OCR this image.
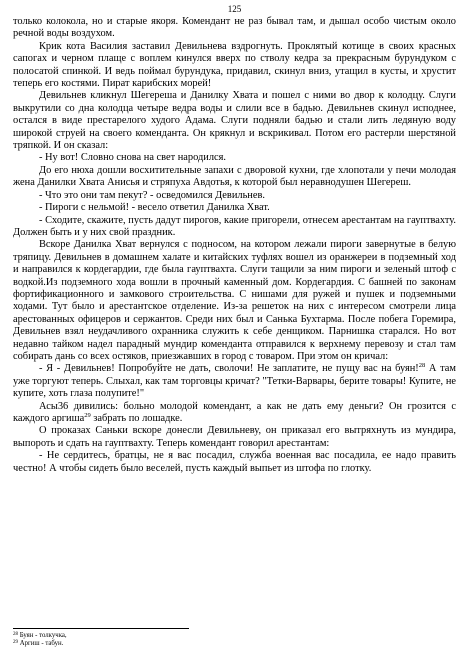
125

только колокола, но и старые якоря. Комендант не раз бывал там, и дышал особо чистым около речной воды воздухом.

Крик кота Василия заставил Девильнева вздрогнуть. Проклятый котище в своих красных сапогах и черном плаще с воплем кинулся вверх по стволу кедра за прекрасным бурундуком с полосатой спинкой. И ведь поймал бурундука, придавил, скинул вниз, утащил в кусты, и хрустит теперь его костями. Пират карибских морей!

Девильнев кликнул Шегереша и Данилку Хвата и пошел с ними во двор к колодцу. Слуги выкрутили со дна колодца четыре ведра воды и слили все в бадью. Девильнев скинул исподнее, остался в виде престарелого худого Адама. Слуги подняли бадью и стали лить ледяную воду широкой струей на своего коменданта. Он крякнул и вскрикивал. Потом его растерли шерстяной тряпкой. И он сказал:

- Ну вот! Словно снова на свет народился.

До его нюха дошли восхитительные запахи с дворовой кухни, где хлопотали у печи молодая жена Данилки Хвата Анисья и стряпуха Авдотья, к которой был неравнодушен Шегереш.

- Что это они там пекут? - осведомился Девильнев.

- Пироги с нельмой! - весело ответил Данилка Хват.

- Сходите, скажите, пусть дадут пирогов, какие пригорели, отнесем арестантам на гауптвахту. Должен быть и у них свой праздник.

Вскоре Данилка Хват вернулся с подносом, на котором лежали пироги завернутые в белую тряпицу. Девильнев в домашнем халате и китайских туфлях вошел из оранжереи в подземный ход и направился к кордегардии, где была гауптвахта. Слуги тащили за ним пироги и зеленый штоф с водкой.Из подземного хода вошли в прочный каменный дом. Кордегардия. С башней по законам фортификационного и замкового строительства. С нишами для ружей и пушек и подземными ходами. Тут было и арестантское отделение. Из-за решеток на них с интересом смотрели лица арестованных офицеров и сержантов. Среди них был и Санька Бухтарма. После побега Горемира, Девильнев взял неудачливого охранника служить к себе денщиком. Парнишка старался. Но вот недавно тайком надел парадный мундир коменданта отправился к верхнему перевозу и стал там собирать дань со всех остяков, приезжавших в город с товаром. При этом он кричал:

- Я - Девильнев! Попробуйте не дать, сволочи! Не заплатите, не пущу вас на буян!$^{28}$ А там уже торгуют теперь. Слыхал, как там торговцы кричат? "Тетки-Варвары, берите товары! Купите, не купите, хоть глаза полупите!"

Асы36 дивились: больно молодой комендант, а как не дать ему деньги? Он грозится с каждого аргиша$^{29}$ забрать по лошадке.

О проказах Саньки вскоре донесли Девильневу, он приказал его вытряхнуть из мундира, выпороть и сдать на гауптвахту. Теперь комендант говорил арестантам:

- Не сердитесь, братцы, не я вас посадил, служба военная вас посадила, ее надо править честно! А чтобы сидеть было веселей, пусть каждый выпьет из штофа по глотку.

$^{28}$ Буян - толкучка,
$^{29}$ Аргиш - табун.
